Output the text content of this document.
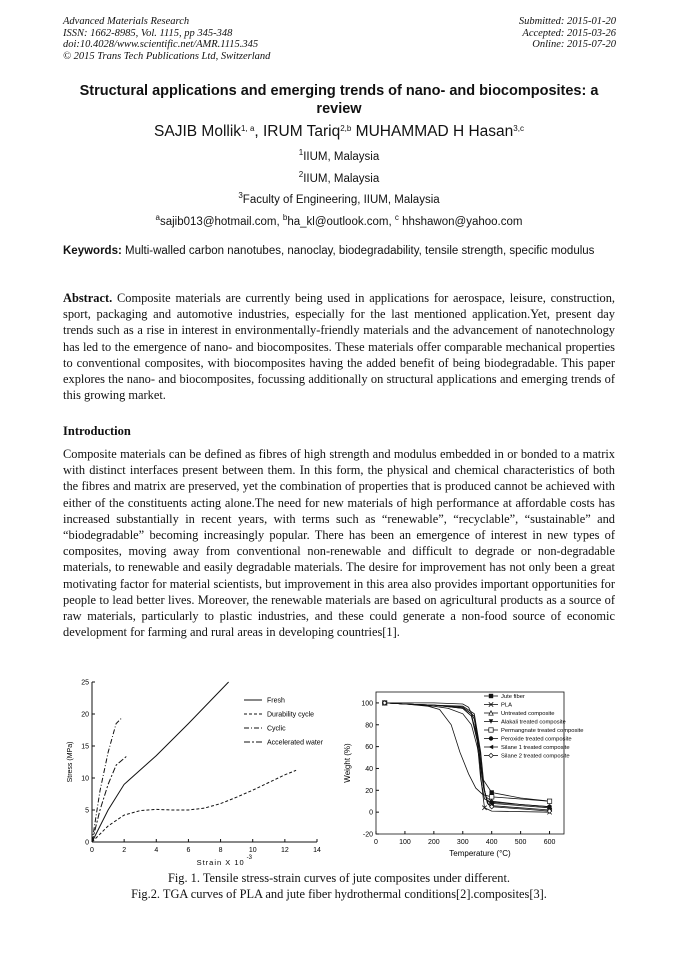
Advanced Materials Research
ISSN: 1662-8985, Vol. 1115, pp 345-348
doi:10.4028/www.scientific.net/AMR.1115.345
© 2015 Trans Tech Publications Ltd, Switzerland
Submitted: 2015-01-20
Accepted: 2015-03-26
Online: 2015-07-20
Structural applications and emerging trends of nano- and biocomposites: a review
SAJIB Mollik$^{1, a}$, IRUM Tariq$^{2,b}$ MUHAMMAD H Hasan$^{3,c}$
$^1$IIUM, Malaysia
$^2$IIUM, Malaysia
$^3$Faculty of Engineering, IIUM, Malaysia
$^a$sajib013@hotmail.com, $^b$ha_kl@outlook.com, $^c$ hhshawon@yahoo.com
Keywords: Multi-walled carbon nanotubes, nanoclay, biodegradability, tensile strength, specific modulus
Abstract. Composite materials are currently being used in applications for aerospace, leisure, construction, sport, packaging and automotive industries, especially for the last mentioned application.Yet, present day trends such as a rise in interest in environmentally-friendly materials and the advancement of nanotechnology has led to the emergence of nano- and biocomposites. These materials offer comparable mechanical properties to conventional composites, with biocomposites having the added benefit of being biodegradable. This paper explores the nano- and biocomposites, focussing additionally on structural applications and emerging trends of this growing market.
Introduction
Composite materials can be defined as fibres of high strength and modulus embedded in or bonded to a matrix with distinct interfaces present between them. In this form, the physical and chemical characteristics of both the fibres and matrix are preserved, yet the combination of properties that is produced cannot be achieved with either of the constituents acting alone.The need for new materials of high performance at affordable costs has increased substantially in recent years, with terms such as “renewable”, “recyclable”, “sustainable” and “biodegradable” becoming increasingly popular. There has been an emergence of interest in new types of composites, moving away from conventional non-renewable and difficult to degrade or non-degradable materials, to renewable and easily degradable materials. The desire for improvement has not only been a great motivating factor for material scientists, but improvement in this area also provides important opportunities for people to lead better lives. Moreover, the renewable materials are based on agricultural products as a source of raw materials, particularly to plastic industries, and these could generate a non-food source of economic development for farming and rural areas in developing countries[1].
0	2	4	6	8	10	12	14
0
5
10
15
20
25
Strain X 10 -3
Stress (MPa)
Fresh
Durability cycle
Cyclic
Accelerated water
0	100 200 300 400 500 600
-20
0
20
40
60
80
100
Temperature (°C)
Weight (%)
Jute fiber
PLA
Untreated composite
Alakali treated composite
Permangnate treated composite
Peroxide treated composite
Silane 1 treated composite
Silane 2 treated composite
Fig. 1. Tensile stress-strain curves of jute composites under different.
Fig.2. TGA curves of PLA and jute fiber hydrothermal conditions[2].composites[3].
